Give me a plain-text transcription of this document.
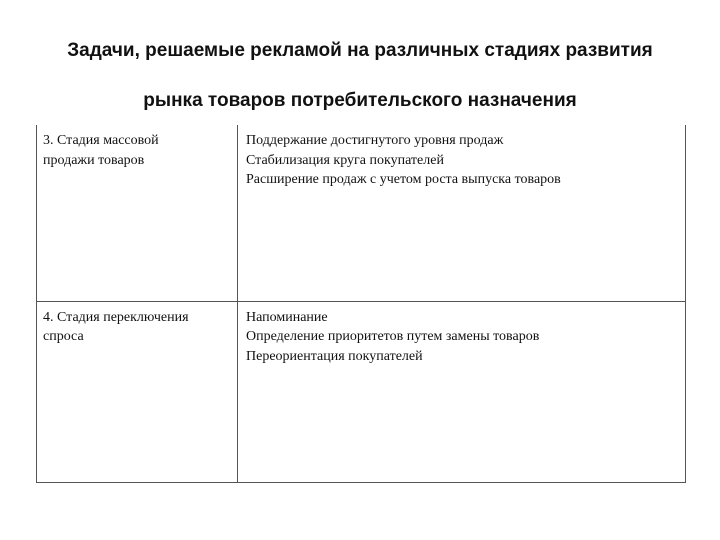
Задачи, решаемые рекламой на различных стадиях развития
рынка товаров потребительского назначения
3. Стадия массовой
продажи товаров	Поддержание достигнутого уровня продаж
Стабилизация круга покупателей
Расширение продаж с учетом роста выпуска товаров

4. Стадия переключения
спроса	Напоминание
Определение приоритетов путем замены товаров
Переориентация покупателей
